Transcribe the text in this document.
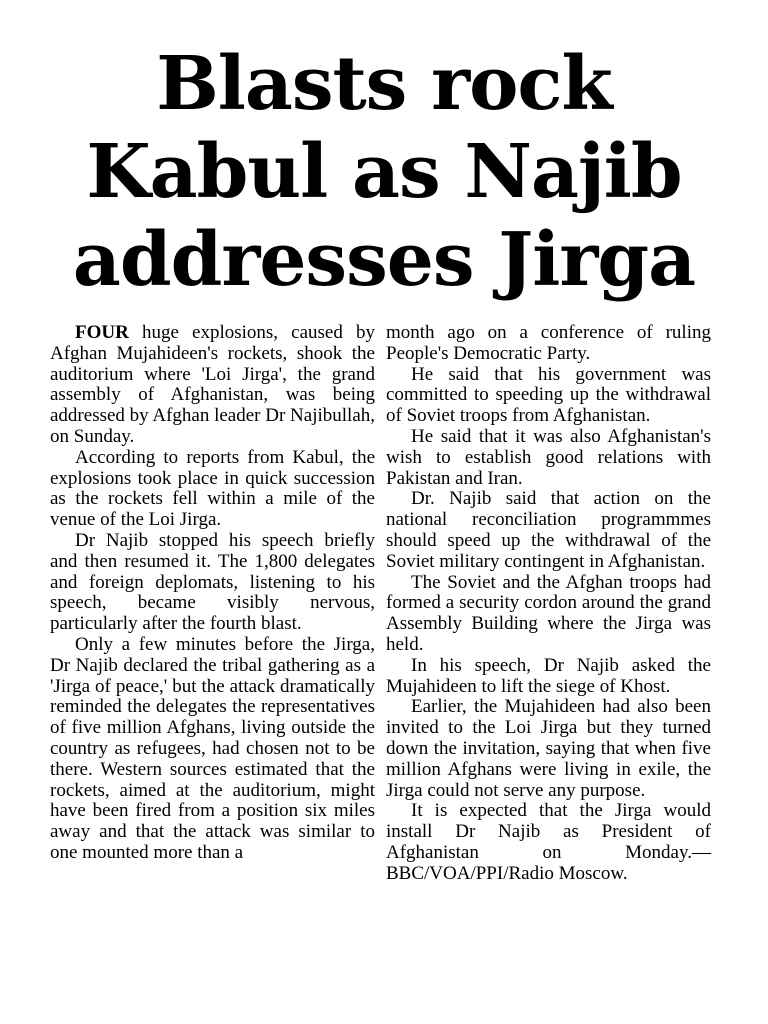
Blasts rock
Kabul as Najib
addresses Jirga

FOUR huge explosions, caused by Afghan Mujahideen's rockets, shook the auditorium where 'Loi Jirga', the grand assembly of Afghanistan, was being addressed by Afghan leader Dr Najibullah, on Sunday.

According to reports from Kabul, the explosions took place in quick succession as the rockets fell within a mile of the venue of the Loi Jirga.

Dr Najib stopped his speech briefly and then resumed it. The 1,800 delegates and foreign deplomats, listening to his speech, became visibly nervous, particularly after the fourth blast.

Only a few minutes before the Jirga, Dr Najib declared the tribal gathering as a 'Jirga of peace,' but the attack dramatically reminded the delegates the representatives of five million Afghans, living outside the country as refugees, had chosen not to be there. Western sources estimated that the rockets, aimed at the auditorium, might have been fired from a position six miles away and that the attack was similar to one mounted more than a

month ago on a conference of ruling People's Democratic Party.

He said that his government was committed to speeding up the withdrawal of Soviet troops from Afghanistan.

He said that it was also Afghanistan's wish to establish good relations with Pakistan and Iran.

Dr. Najib said that action on the national reconciliation programmmes should speed up the withdrawal of the Soviet military contingent in Afghanistan.

The Soviet and the Afghan troops had formed a security cordon around the grand Assembly Building where the Jirga was held.

In his speech, Dr Najib asked the Mujahideen to lift the siege of Khost.

Earlier, the Mujahideen had also been invited to the Loi Jirga but they turned down the invitation, saying that when five million Afghans were living in exile, the Jirga could not serve any purpose.

It is expected that the Jirga would install Dr Najib as President of Afghanistan on Monday.— BBC/VOA/PPI/Radio Moscow.
